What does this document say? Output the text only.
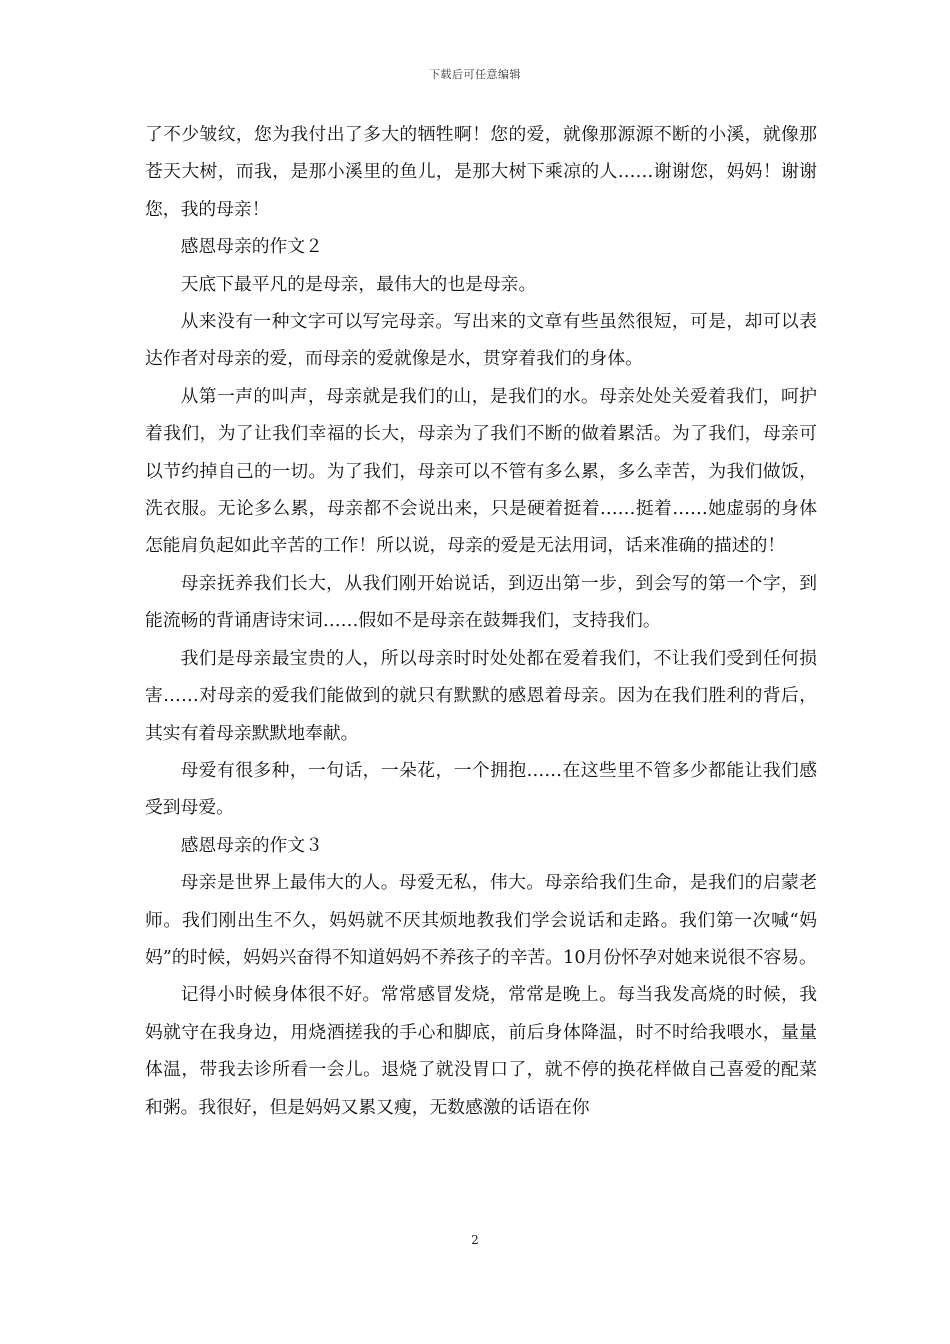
下载后可任意编辑

了不少皱纹，您为我付出了多大的牺牲啊！您的爱，就像那源源不断的小溪，就像那苍天大树，而我，是那小溪里的鱼儿，是那大树下乘凉的人……谢谢您，妈妈！谢谢您，我的母亲！

感恩母亲的作文２

天底下最平凡的是母亲，最伟大的也是母亲。

从来没有一种文字可以写完母亲。写出来的文章有些虽然很短，可是，却可以表达作者对母亲的爱，而母亲的爱就像是水，贯穿着我们的身体。

从第一声的叫声，母亲就是我们的山，是我们的水。母亲处处关爱着我们，呵护着我们，为了让我们幸福的长大，母亲为了我们不断的做着累活。为了我们，母亲可以节约掉自己的一切。为了我们，母亲可以不管有多么累，多么幸苦，为我们做饭，洗衣服。无论多么累，母亲都不会说出来，只是硬着挺着……挺着……她虚弱的身体怎能肩负起如此辛苦的工作！所以说，母亲的爱是无法用词，话来准确的描述的！

母亲抚养我们长大，从我们刚开始说话，到迈出第一步，到会写的第一个字，到能流畅的背诵唐诗宋词……假如不是母亲在鼓舞我们，支持我们。

我们是母亲最宝贵的人，所以母亲时时处处都在爱着我们，不让我们受到任何损害……对母亲的爱我们能做到的就只有默默的感恩着母亲。因为在我们胜利的背后，其实有着母亲默默地奉献。

母爱有很多种，一句话，一朵花，一个拥抱……在这些里不管多少都能让我们感受到母爱。

感恩母亲的作文３

母亲是世界上最伟大的人。母爱无私，伟大。母亲给我们生命，是我们的启蒙老师。我们刚出生不久，妈妈就不厌其烦地教我们学会说话和走路。我们第一次喊“妈妈”的时候，妈妈兴奋得不知道妈妈不养孩子的辛苦。10月份怀孕对她来说很不容易。

记得小时候身体很不好。常常感冒发烧，常常是晚上。每当我发高烧的时候，我妈就守在我身边，用烧酒搓我的手心和脚底，前后身体降温，时不时给我喂水，量量体温，带我去诊所看一会儿。退烧了就没胃口了，就不停的换花样做自己喜爱的配菜和粥。我很好，但是妈妈又累又瘦，无数感激的话语在你

2
